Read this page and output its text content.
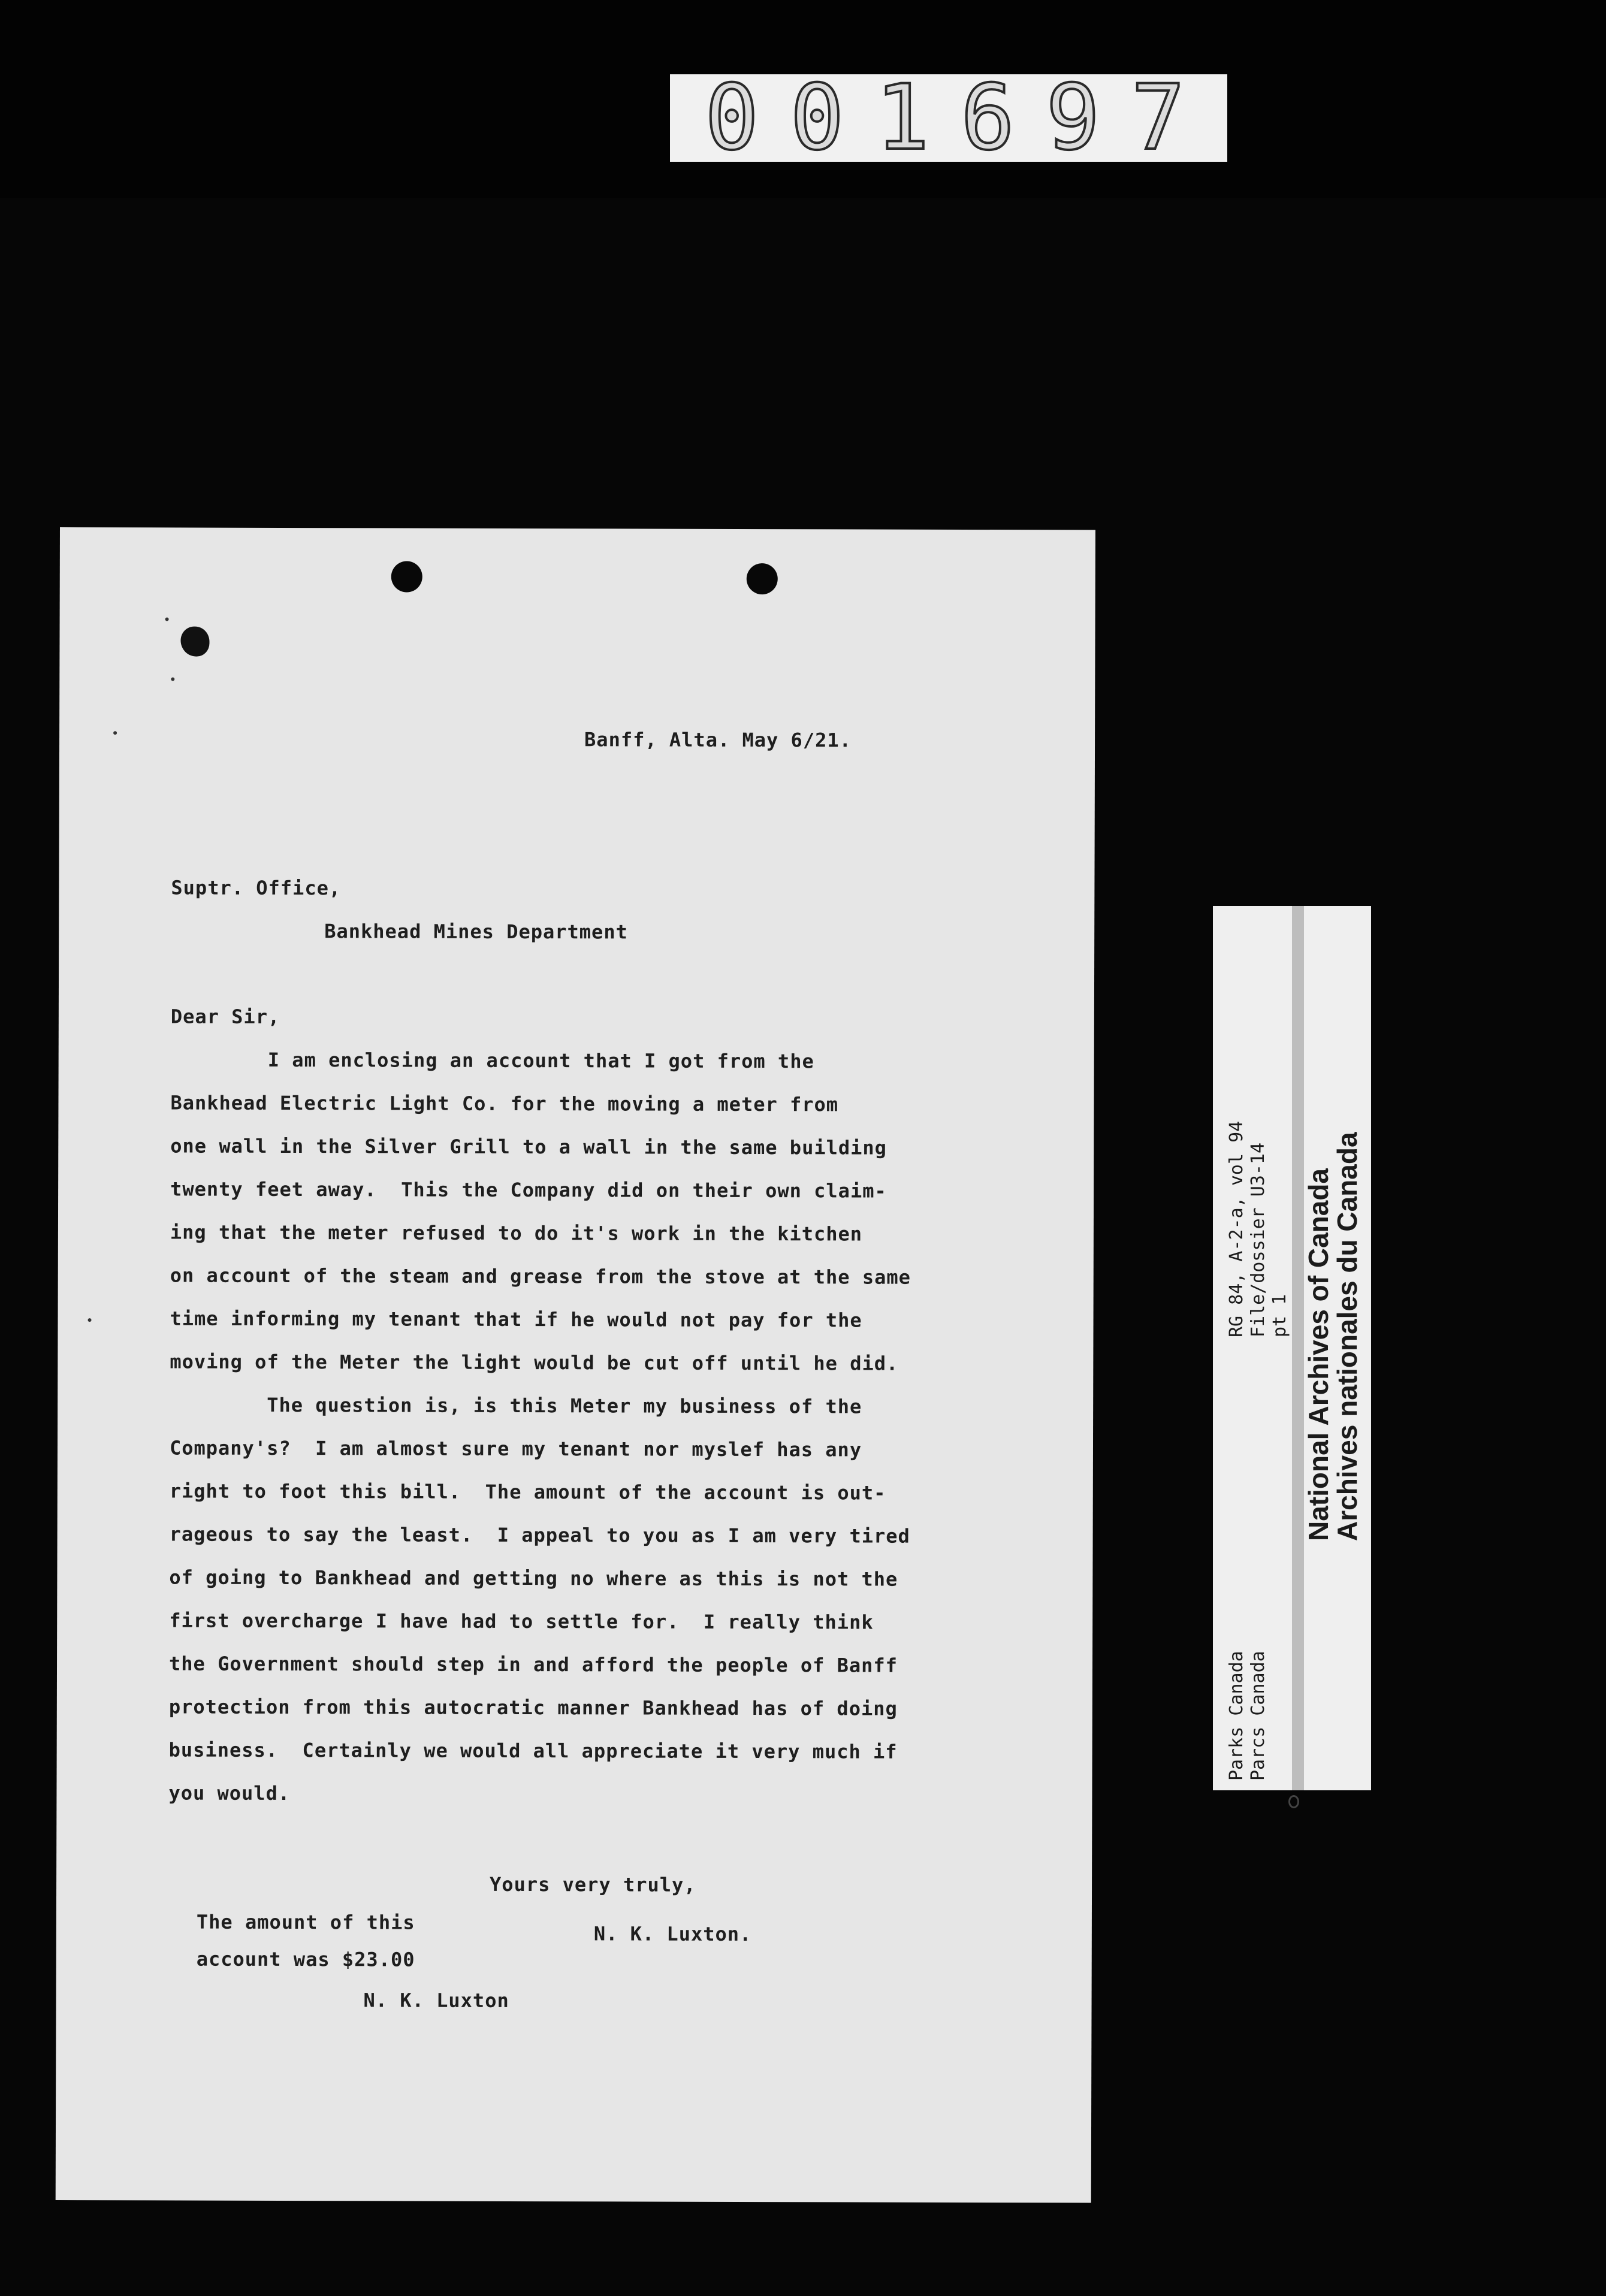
001697
Banff, Alta. May 6/21.
Suptr. Office,
Bankhead Mines Department
Dear Sir,
I am enclosing an account that I got from the
Bankhead Electric Light Co. for the moving a meter from
one wall in the Silver Grill to a wall in the same building
twenty feet away.  This the Company did on their own claim-
ing that the meter refused to do it's work in the kitchen
on account of the steam and grease from the stove at the same
time informing my tenant that if he would not pay for the
moving of the Meter the light would be cut off until he did.
The question is, is this Meter my business of the
Company's?  I am almost sure my tenant nor myslef has any
right to foot this bill.  The amount of the account is out-
rageous to say the least.  I appeal to you as I am very tired
of going to Bankhead and getting no where as this is not the
first overcharge I have had to settle for.  I really think
the Government should step in and afford the people of Banff
protection from this autocratic manner Bankhead has of doing
business.  Certainly we would all appreciate it very much if
you would.
Yours very truly,
N. K. Luxton.
The amount of this
account was $23.00
N. K. Luxton
Parks Canada
Parcs Canada
RG 84, A-2-a, vol 94
File/dossier U3-14
pt 1 National Archives of Canada
Archives nationales du Canada
